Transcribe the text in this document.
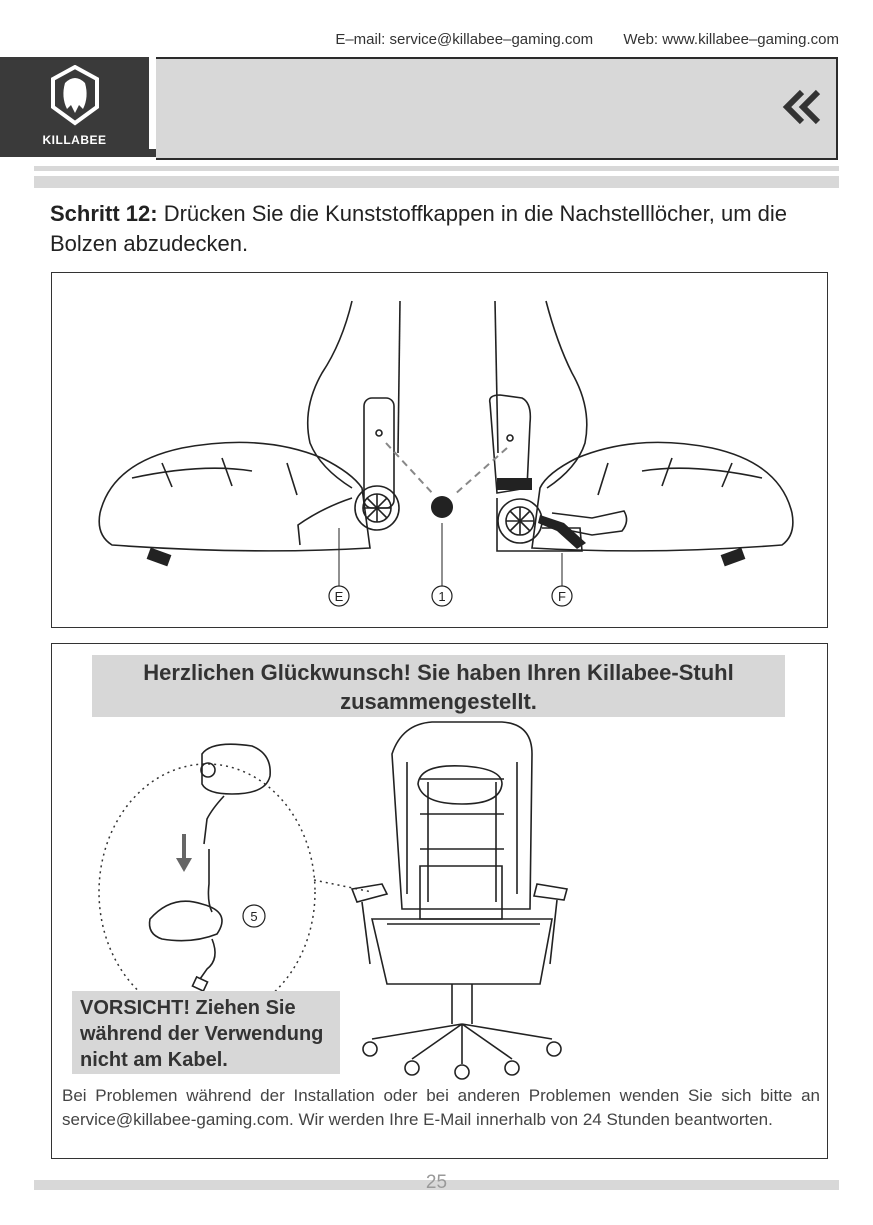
E–mail: service@killabee–gaming.com Web: www.killabee–gaming.com
KILLABEE
Schritt 12: Drücken Sie die Kunststoffkappen in die Nachstelllöcher, um die Bolzen abzudecken.
E	1	F
Herzlichen Glückwunsch! Sie haben Ihren Killabee-Stuhl zusammengestellt.
5
VORSICHT! Ziehen Sie während der Verwendung nicht am Kabel.
Bei Problemen während der Installation oder bei anderen Problemen wenden Sie sich bitte an service@killabee-gaming.com. Wir werden Ihre E-Mail innerhalb von 24 Stunden beantworten.
25
